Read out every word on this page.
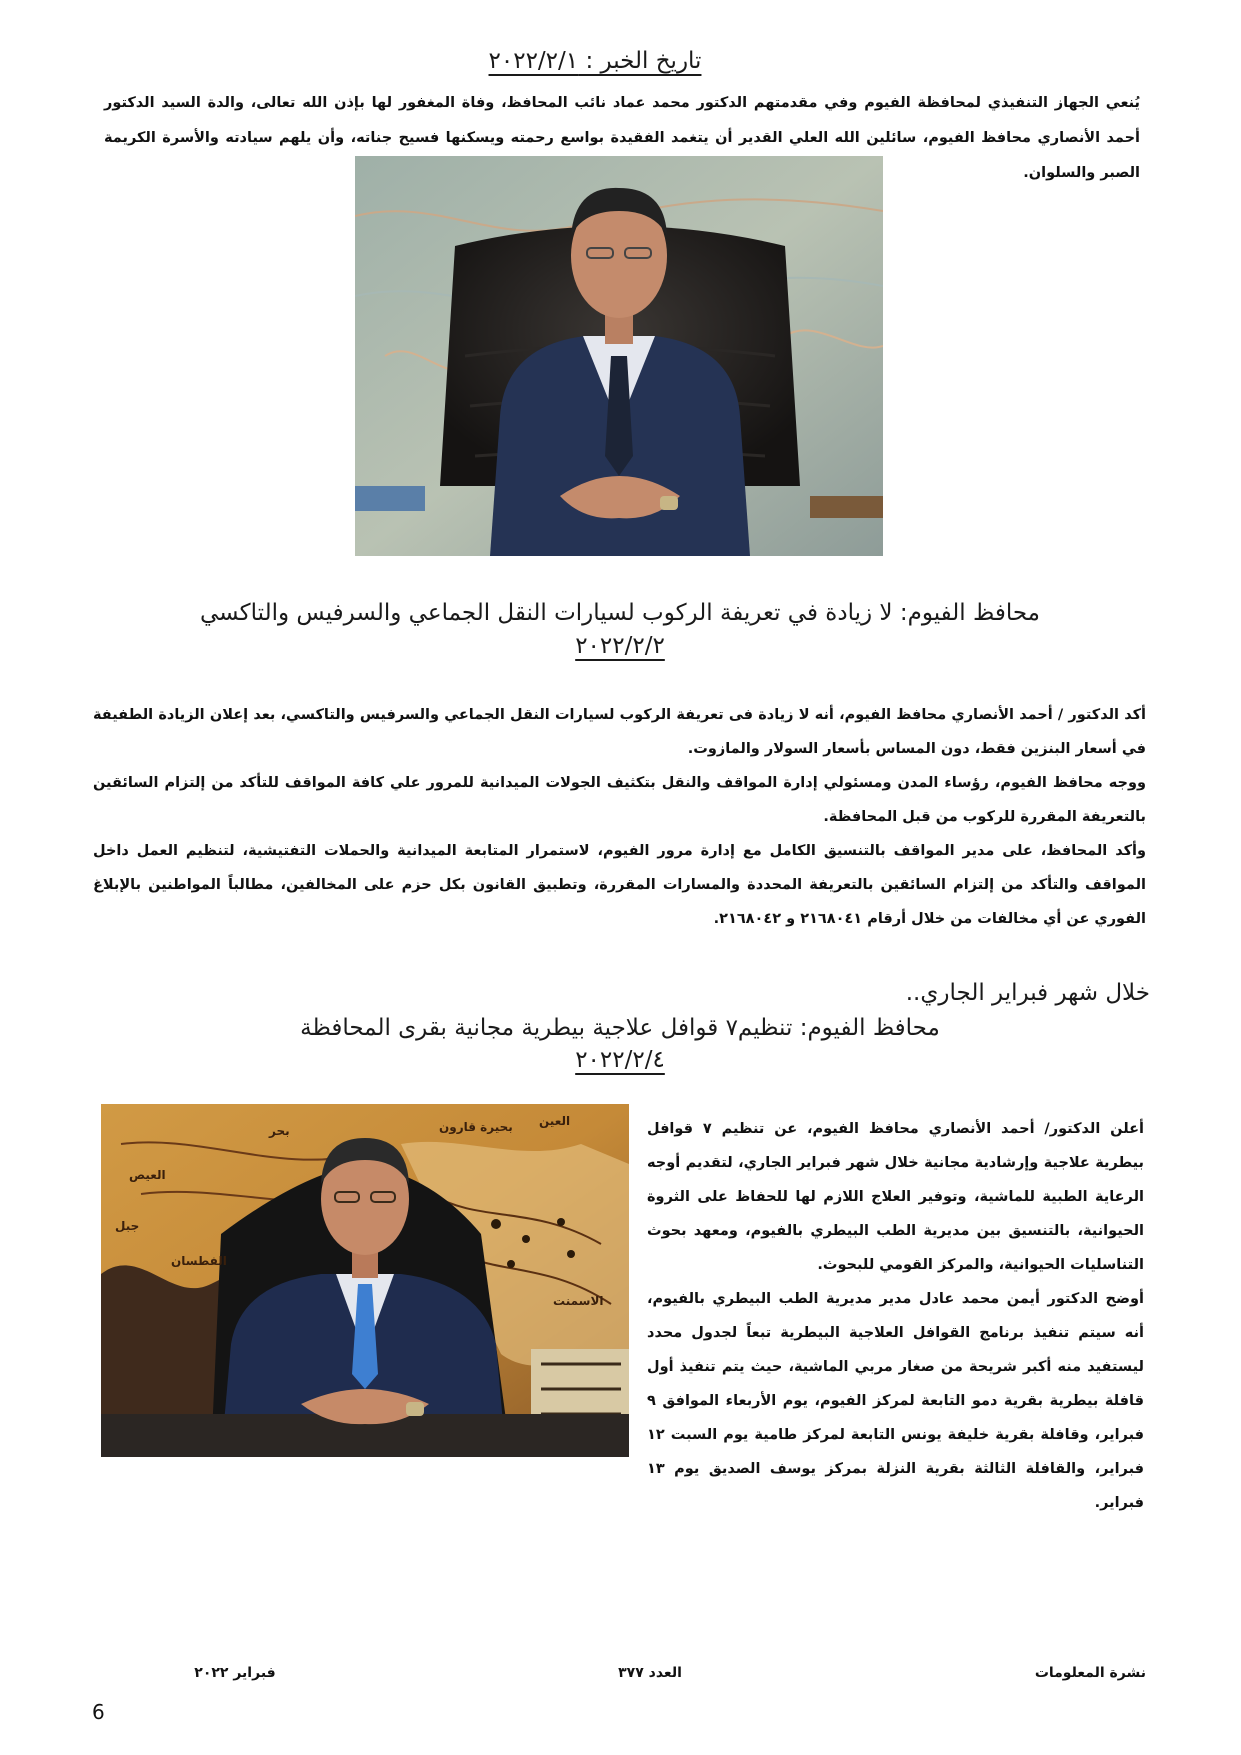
تاريخ الخبر : ٢٠٢٢/٢/١

يُنعي الجهاز التنفيذي لمحافظة الفيوم وفي مقدمتهم الدكتور محمد عماد نائب المحافظ، وفاة المغفور لها بإذن الله تعالى، والدة السيد الدكتور أحمد الأنصاري محافظ الفيوم، سائلين الله العلي القدير أن يتغمد الفقيدة بواسع رحمته ويسكنها فسيح جناته، وأن يلهم سيادته والأسرة الكريمة الصبر والسلوان.

محافظ الفيوم: لا زيادة في تعريفة الركوب لسيارات النقل الجماعي والسرفيس والتاكسي
٢٠٢٢/٢/٢

أكد الدكتور / أحمد الأنصاري محافظ الفيوم، أنه لا زيادة فى تعريفة الركوب لسيارات النقل الجماعي والسرفيس والتاكسي، بعد إعلان الزيادة الطفيفة في أسعار البنزين فقط، دون المساس بأسعار السولار والمازوت.

ووجه محافظ الفيوم، رؤساء المدن ومسئولي إدارة المواقف والنقل بتكثيف الجولات الميدانية للمرور علي كافة المواقف للتأكد من إلتزام السائقين بالتعريفة المقررة للركوب من قبل المحافظة.

وأكد المحافظ، على مدير المواقف بالتنسيق الكامل مع إدارة مرور الفيوم، لاستمرار المتابعة الميدانية والحملات التفتيشية، لتنظيم العمل داخل المواقف والتأكد من إلتزام السائقين بالتعريفة المحددة والمسارات المقررة، وتطبيق القانون بكل حزم على المخالفين، مطالباً المواطنين بالإبلاغ الفوري عن أي مخالفات من خلال أرقام ٢١٦٨٠٤١ و ٢١٦٨٠٤٢.

خلال شهر فبراير الجاري..
محافظ الفيوم: تنظيم٧ قوافل علاجية بيطرية مجانية بقرى المحافظة
٢٠٢٢/٢/٤
العين
العيص
بحر
جبل
الاسمنت
الفطسان
بحيرة قارون	أعلن الدكتور/ أحمد الأنصاري محافظ الفيوم، عن تنظيم ٧ قوافل بيطرية علاجية وإرشادية مجانية خلال شهر فبراير الجاري، لتقديم أوجه الرعاية الطبية للماشية، وتوفير العلاج اللازم لها للحفاظ على الثروة الحيوانية، بالتنسيق بين مديرية الطب البيطري بالفيوم، ومعهد بحوث التناسليات الحيوانية، والمركز القومي للبحوث.

أوضح الدكتور أيمن محمد عادل مدير مديرية الطب البيطري بالفيوم، أنه سيتم تنفيذ برنامج القوافل العلاجية البيطرية تبعاً لجدول محدد ليستفيد منه أكبر شريحة من صغار مربي الماشية، حيث يتم تنفيذ أول قافلة بيطرية بقرية دمو التابعة لمركز الفيوم، يوم الأربعاء الموافق ٩ فبراير، وقافلة بقرية خليفة يونس التابعة لمركز طامية يوم السبت ١٢ فبراير، والقافلة الثالثة بقرية النزلة بمركز يوسف الصديق يوم ١٣ فبراير.

نشرة المعلومات
العدد ٣٧٧
فبراير ٢٠٢٢
6
